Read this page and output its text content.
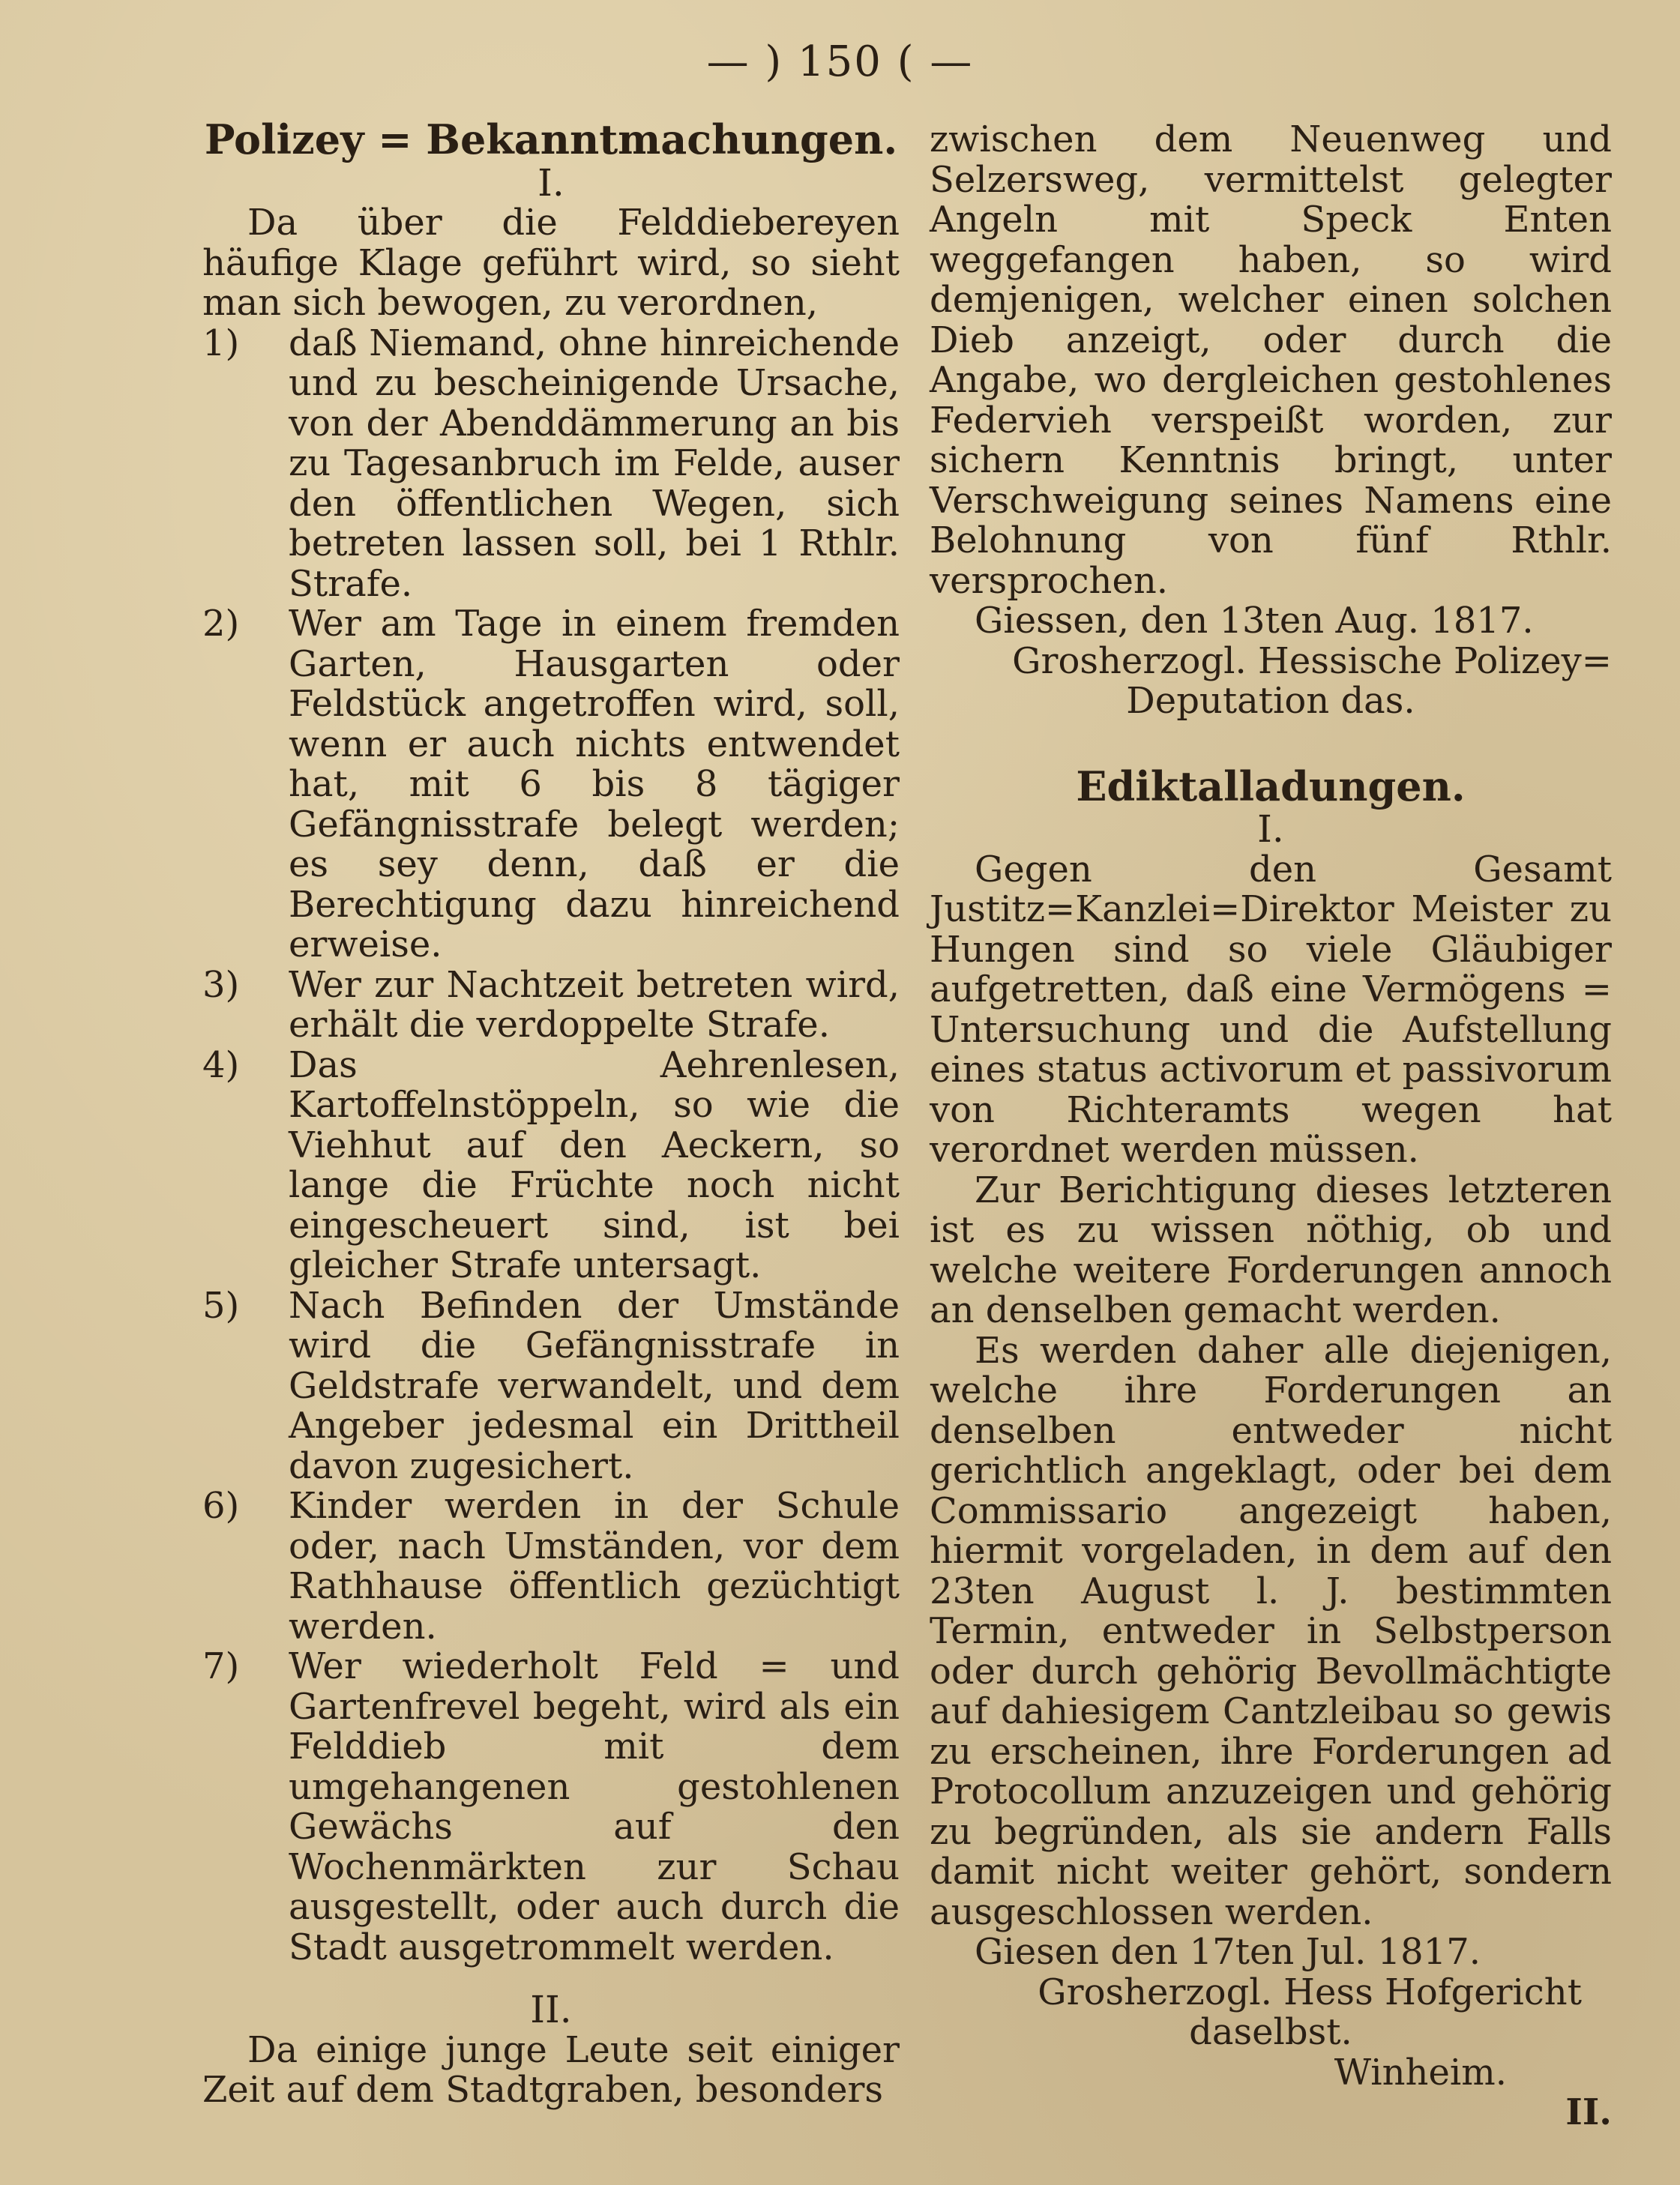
— ) 150 ( —
Polizey = Bekanntmachungen.
I.

Da über die Felddiebereyen häufige Klage geführt wird, so sieht man sich bewogen, zu verordnen,

1) daß Niemand, ohne hinreichende und zu bescheinigende Ursache, von der Abenddämmerung an bis zu Tagesanbruch im Felde, auser den öffentlichen Wegen, sich betreten lassen soll, bei 1 Rthlr. Strafe.
2) Wer am Tage in einem fremden Garten, Hausgarten oder Feldstück angetroffen wird, soll, wenn er auch nichts entwendet hat, mit 6 bis 8 tägiger Gefängnisstrafe belegt werden; es sey denn, daß er die Berechtigung dazu hinreichend erweise.
3) Wer zur Nachtzeit betreten wird, erhält die verdoppelte Strafe.
4) Das Aehrenlesen, Kartoffelnstöppeln, so wie die Viehhut auf den Aeckern, so lange die Früchte noch nicht eingescheuert sind, ist bei gleicher Strafe untersagt.
5) Nach Befinden der Umstände wird die Gefängnisstrafe in Geldstrafe verwandelt, und dem Angeber jedesmal ein Drittheil davon zugesichert.
6) Kinder werden in der Schule oder, nach Umständen, vor dem Rathhause öffentlich gezüchtigt werden.
7) Wer wiederholt Feld = und Gartenfrevel begeht, wird als ein Felddieb mit dem umgehangenen gestohlenen Gewächs auf den Wochenmärkten zur Schau ausgestellt, oder auch durch die Stadt ausgetrommelt werden.
II.

Da einige junge Leute seit einiger Zeit auf dem Stadtgraben, besonders

zwischen dem Neuenweg und Selzersweg, vermittelst gelegter Angeln mit Speck Enten weggefangen haben, so wird demjenigen, welcher einen solchen Dieb anzeigt, oder durch die Angabe, wo dergleichen gestohlenes Federvieh verspeißt worden, zur sichern Kenntnis bringt, unter Verschweigung seines Namens eine Belohnung von fünf Rthlr. versprochen.

Giessen, den 13ten Aug. 1817.
Grosherzogl. Hessische Polizey=
Deputation das.
Ediktalladungen.
I.

Gegen den Gesamt Justitz=Kanzlei=Direktor Meister zu Hungen sind so viele Gläubiger aufgetretten, daß eine Vermögens = Untersuchung und die Aufstellung eines status activorum et passivorum von Richteramts wegen hat verordnet werden müssen.

Zur Berichtigung dieses letzteren ist es zu wissen nöthig, ob und welche weitere Forderungen annoch an denselben gemacht werden.

Es werden daher alle diejenigen, welche ihre Forderungen an denselben entweder nicht gerichtlich angeklagt, oder bei dem Commissario angezeigt haben, hiermit vorgeladen, in dem auf den 23ten August l. J. bestimmten Termin, entweder in Selbstperson oder durch gehörig Bevollmächtigte auf dahiesigem Cantzleibau so gewis zu erscheinen, ihre Forderungen ad Protocollum anzuzeigen und gehörig zu begründen, als sie andern Falls damit nicht weiter gehört, sondern ausgeschlossen werden.

Giesen den 17ten Jul. 1817.
Grosherzogl. Hess Hofgericht
daselbst.
Winheim.
II.
